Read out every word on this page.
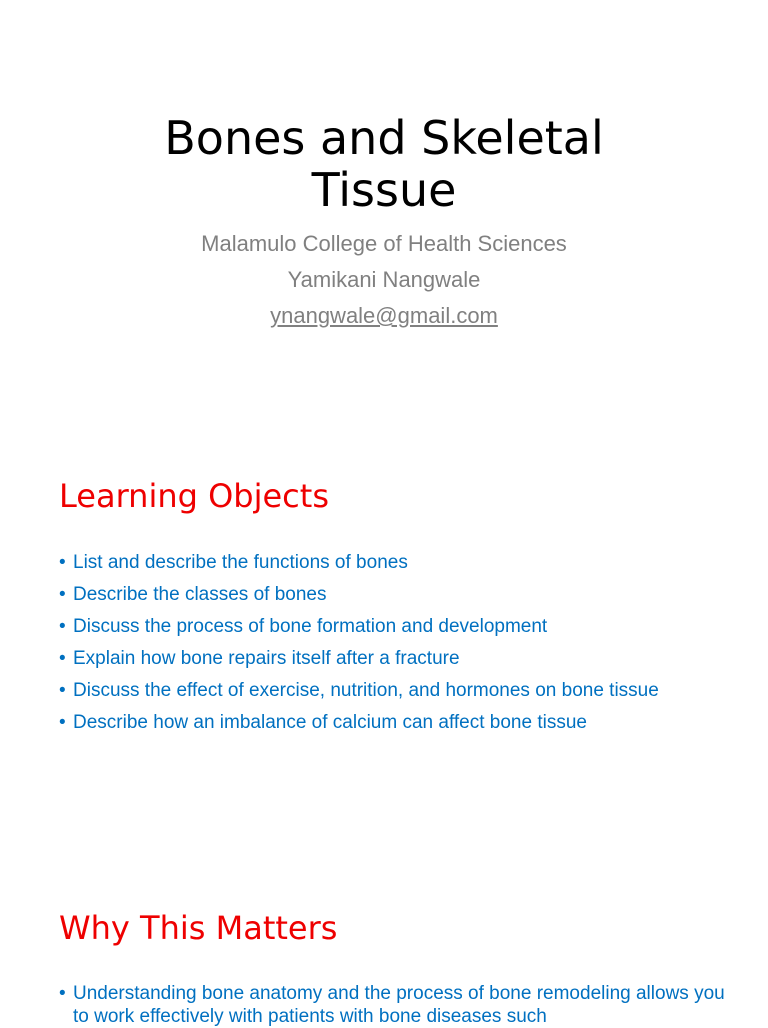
Bones and Skeletal
Tissue
Malamulo College of Health Sciences
Yamikani Nangwale
ynangwale@gmail.com
Learning Objects
• List and describe the functions of bones
• Describe the classes of bones
• Discuss the process of bone formation and development
• Explain how bone repairs itself after a fracture
• Discuss the effect of exercise, nutrition, and hormones on bone tissue
• Describe how an imbalance of calcium can affect bone tissue
Why This Matters
• Understanding bone anatomy and the process of bone remodeling allows you to work effectively with patients with bone diseases such
